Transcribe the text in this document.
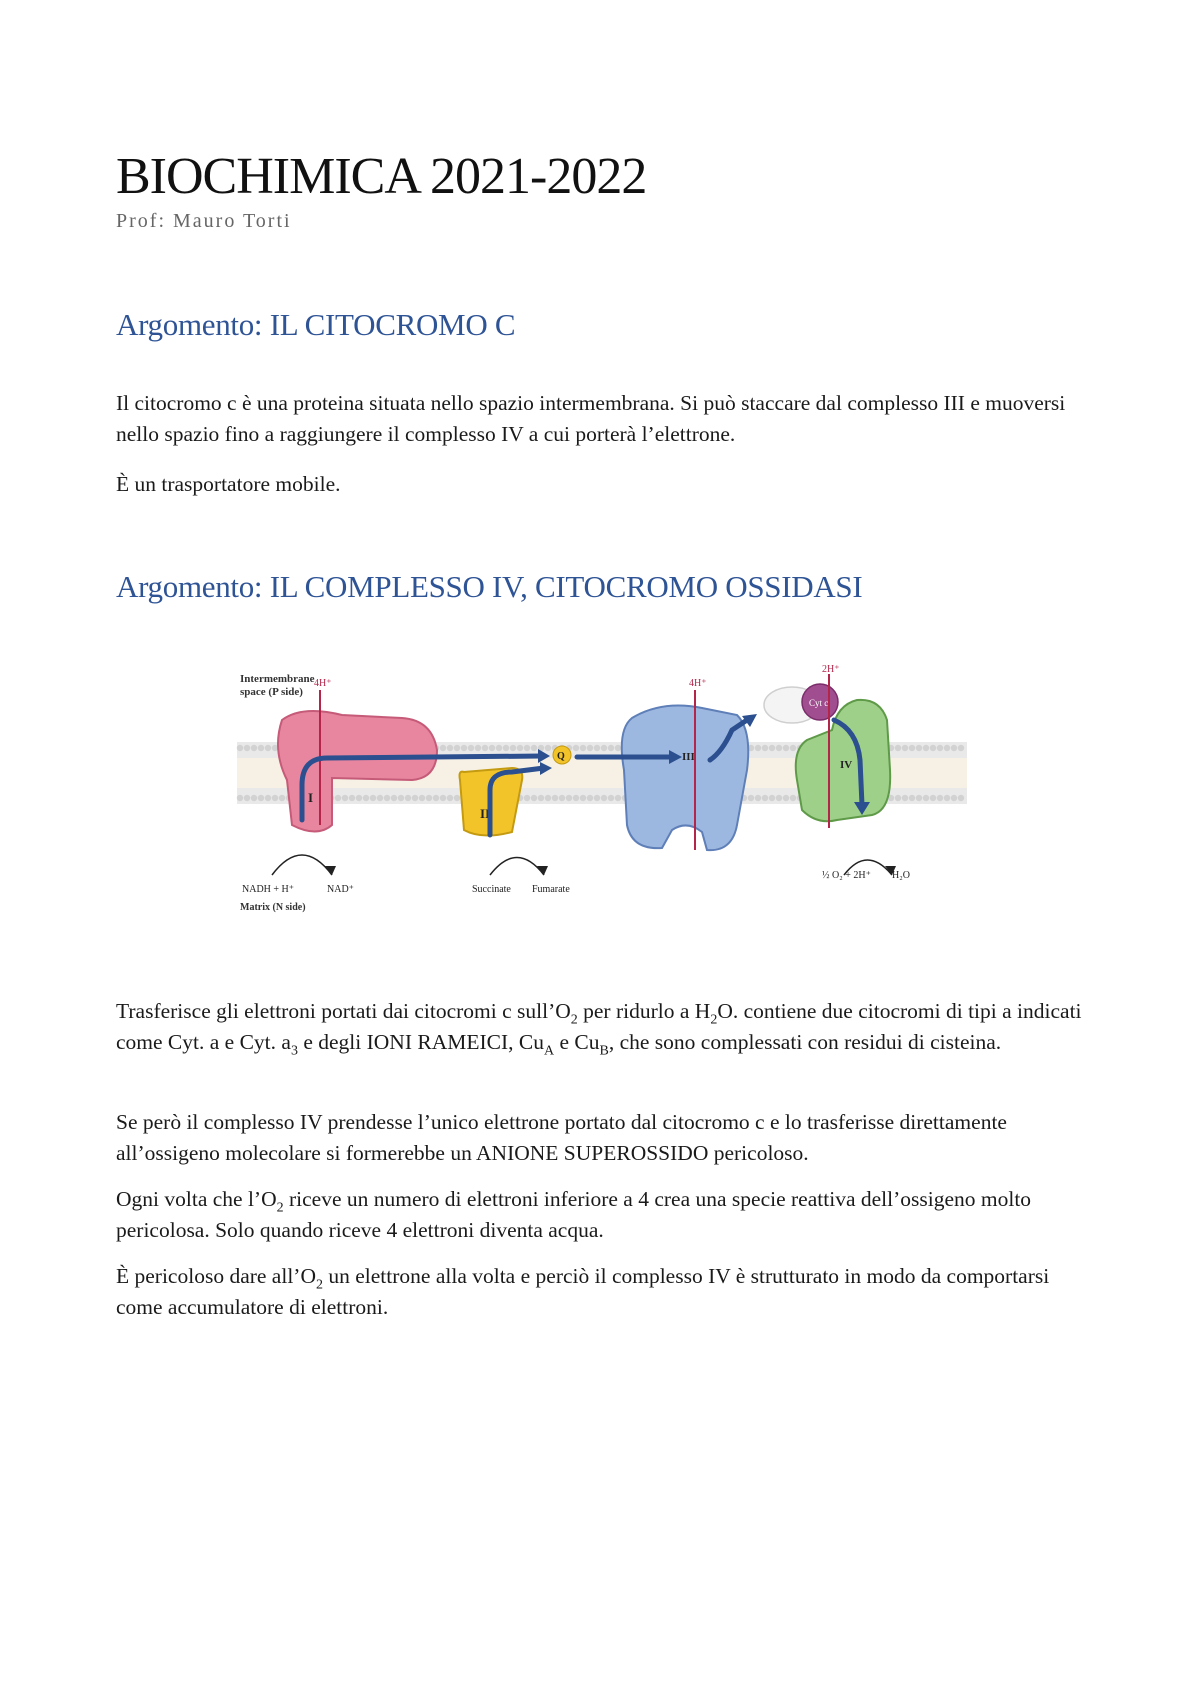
BIOCHIMICA 2021-2022

Prof: Mauro Torti

Argomento: IL CITOCROMO C

Il citocromo c è una proteina situata nello spazio intermembrana. Si può staccare dal complesso III e muoversi nello spazio fino a raggiungere il complesso IV a cui porterà l’elettrone.

È un trasportatore mobile.

Argomento: IL COMPLESSO IV, CITOCROMO OSSIDASI
Intermembrane
space (P side)
I
4H⁺
II
Q	III
4H⁺
Cyt c
IV
2H⁺
NADH + H⁺	NAD⁺
Matrix (N side)
Succinate Fumarate
½ O₂ + 2H⁺ H₂O

Trasferisce gli elettroni portati dai citocromi c $sull’O_2$ per ridurlo a $H_2O$. contiene due citocromi di tipi a indicati come Cyt. a e Cyt. $a_3$ e degli IONI RAMEICI, $Cu_A$ e $Cu_B$, che sono complessati con residui di cisteina.

Se però il complesso IV prendesse l’unico elettrone portato dal citocromo c e lo trasferisse direttamente all’ossigeno molecolare si formerebbe un ANIONE SUPEROSSIDO pericoloso.

Ogni volta che $l’O_2$ riceve un numero di elettroni inferiore a 4 crea una specie reattiva dell’ossigeno molto pericolosa. Solo quando riceve 4 elettroni diventa acqua.

È pericoloso dare $all’O_2$ un elettrone alla volta e perciò il complesso IV è strutturato in modo da comportarsi come accumulatore di elettroni.
